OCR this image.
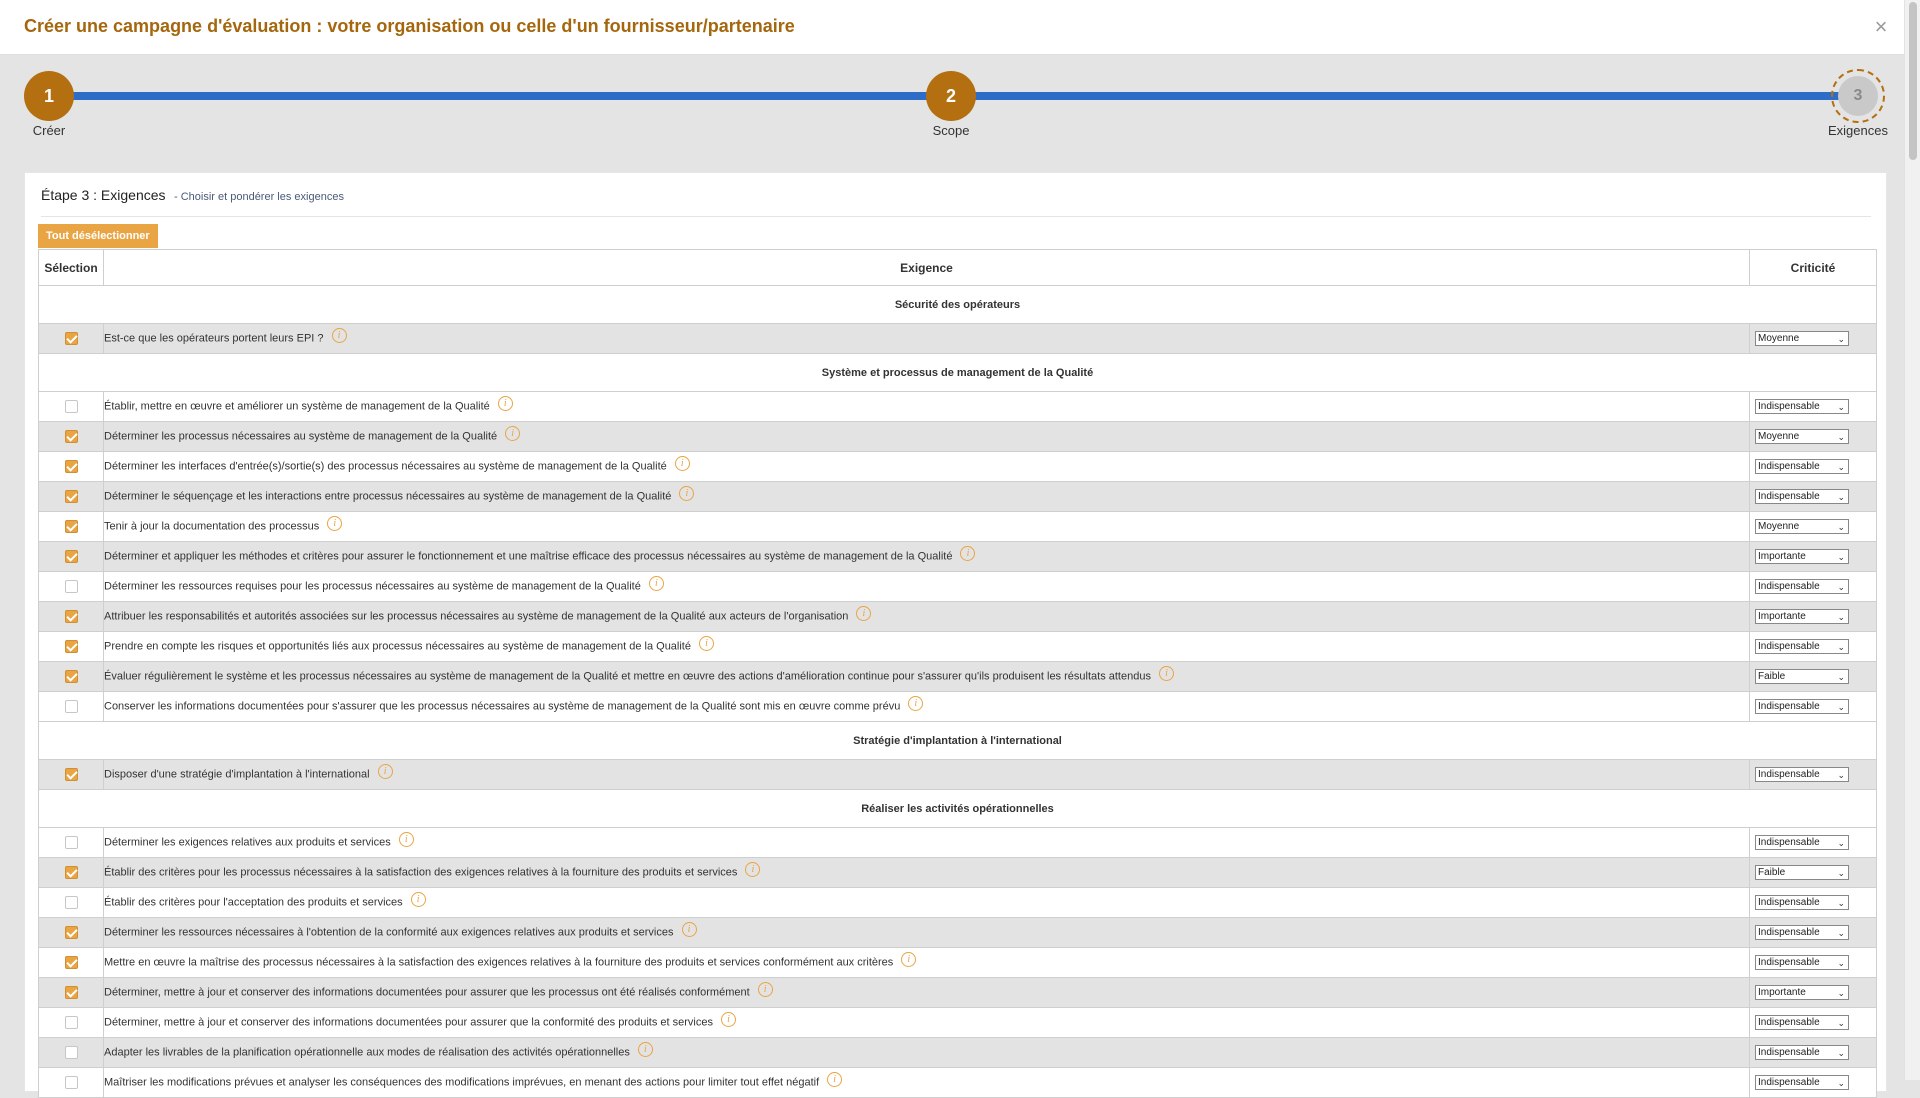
Créer une campagne d'évaluation : votre organisation ou celle d'un fournisseur/partenaire	×
1
Créer
2
Scope
3
Exigences
Étape 3 : Exigences - Choisir et pondérer les exigences
Tout désélectionner
Sélection	Exigence	Criticité
Sécurité des opérateurs		
	Est-ce que les opérateurs portent leurs EPI ? i	Moyenne ⌄

Système et processus de management de la Qualité		
	Établir, mettre en œuvre et améliorer un système de management de la Qualité i	Indispensable ⌄

	Déterminer les processus nécessaires au système de management de la Qualité i	Moyenne ⌄

	Déterminer les interfaces d'entrée(s)/sortie(s) des processus nécessaires au système de management de la Qualité i	Indispensable ⌄

	Déterminer le séquençage et les interactions entre processus nécessaires au système de management de la Qualité i	Indispensable ⌄

	Tenir à jour la documentation des processus i	Moyenne ⌄

	Déterminer et appliquer les méthodes et critères pour assurer le fonctionnement et une maîtrise efficace des processus nécessaires au système de management de la Qualité i	Importante ⌄

	Déterminer les ressources requises pour les processus nécessaires au système de management de la Qualité i	Indispensable ⌄

	Attribuer les responsabilités et autorités associées sur les processus nécessaires au système de management de la Qualité aux acteurs de l'organisation i	Importante ⌄

	Prendre en compte les risques et opportunités liés aux processus nécessaires au système de management de la Qualité i	Indispensable ⌄

	Évaluer régulièrement le système et les processus nécessaires au système de management de la Qualité et mettre en œuvre des actions d'amélioration continue pour s'assurer qu'ils produisent les résultats attendus i	Faible ⌄

	Conserver les informations documentées pour s'assurer que les processus nécessaires au système de management de la Qualité sont mis en œuvre comme prévu i	Indispensable ⌄

Stratégie d'implantation à l'international		
	Disposer d'une stratégie d'implantation à l'international i	Indispensable ⌄

Réaliser les activités opérationnelles		
	Déterminer les exigences relatives aux produits et services i	Indispensable ⌄

	Établir des critères pour les processus nécessaires à la satisfaction des exigences relatives à la fourniture des produits et services i	Faible ⌄

	Établir des critères pour l'acceptation des produits et services i	Indispensable ⌄

	Déterminer les ressources nécessaires à l'obtention de la conformité aux exigences relatives aux produits et services i	Indispensable ⌄

	Mettre en œuvre la maîtrise des processus nécessaires à la satisfaction des exigences relatives à la fourniture des produits et services conformément aux critères i	Indispensable ⌄

	Déterminer, mettre à jour et conserver des informations documentées pour assurer que les processus ont été réalisés conformément i	Importante ⌄

	Déterminer, mettre à jour et conserver des informations documentées pour assurer que la conformité des produits et services i	Indispensable ⌄

	Adapter les livrables de la planification opérationnelle aux modes de réalisation des activités opérationnelles i	Indispensable ⌄

	Maîtriser les modifications prévues et analyser les conséquences des modifications imprévues, en menant des actions pour limiter tout effet négatif i	Indispensable ⌄
